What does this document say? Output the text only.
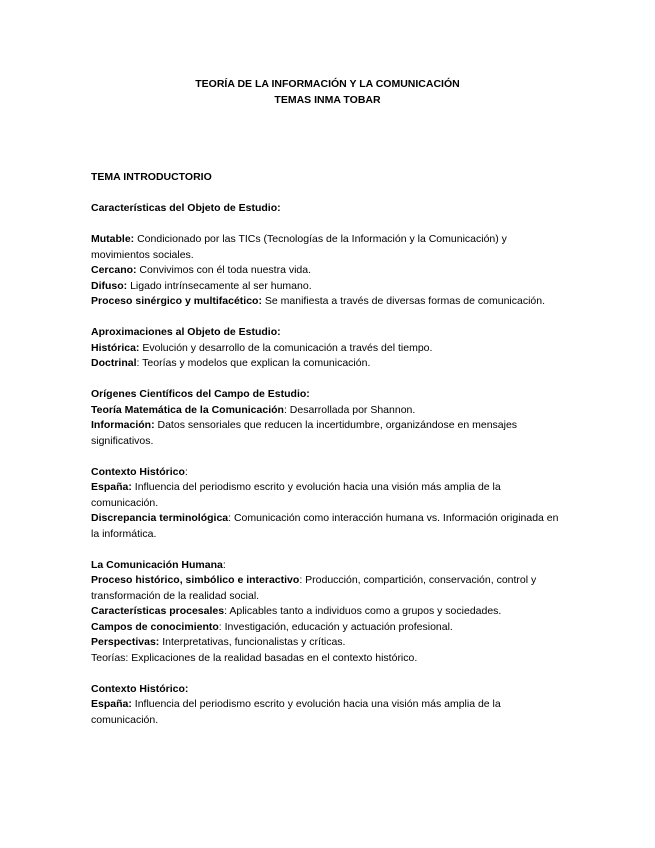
TEORÍA DE LA INFORMACIÓN Y LA COMUNICACIÓN
TEMAS INMA TOBAR
TEMA INTRODUCTORIO
Características del Objeto de Estudio:
Mutable: Condicionado por las TICs (Tecnologías de la Información y la Comunicación) y movimientos sociales.
Cercano: Convivimos con él toda nuestra vida.
Difuso: Ligado intrínsecamente al ser humano.
Proceso sinérgico y multifacético: Se manifiesta a través de diversas formas de comunicación.
Aproximaciones al Objeto de Estudio:
Histórica: Evolución y desarrollo de la comunicación a través del tiempo.
Doctrinal: Teorías y modelos que explican la comunicación.
Orígenes Científicos del Campo de Estudio:
Teoría Matemática de la Comunicación: Desarrollada por Shannon.
Información: Datos sensoriales que reducen la incertidumbre, organizándose en mensajes significativos.
Contexto Histórico:
España: Influencia del periodismo escrito y evolución hacia una visión más amplia de la comunicación.
Discrepancia terminológica: Comunicación como interacción humana vs. Información originada en la informática.
La Comunicación Humana:
Proceso histórico, simbólico e interactivo: Producción, compartición, conservación, control y transformación de la realidad social.
Características procesales: Aplicables tanto a individuos como a grupos y sociedades.
Campos de conocimiento: Investigación, educación y actuación profesional.
Perspectivas: Interpretativas, funcionalistas y críticas.
Teorías: Explicaciones de la realidad basadas en el contexto histórico.
Contexto Histórico:
España: Influencia del periodismo escrito y evolución hacia una visión más amplia de la comunicación.
